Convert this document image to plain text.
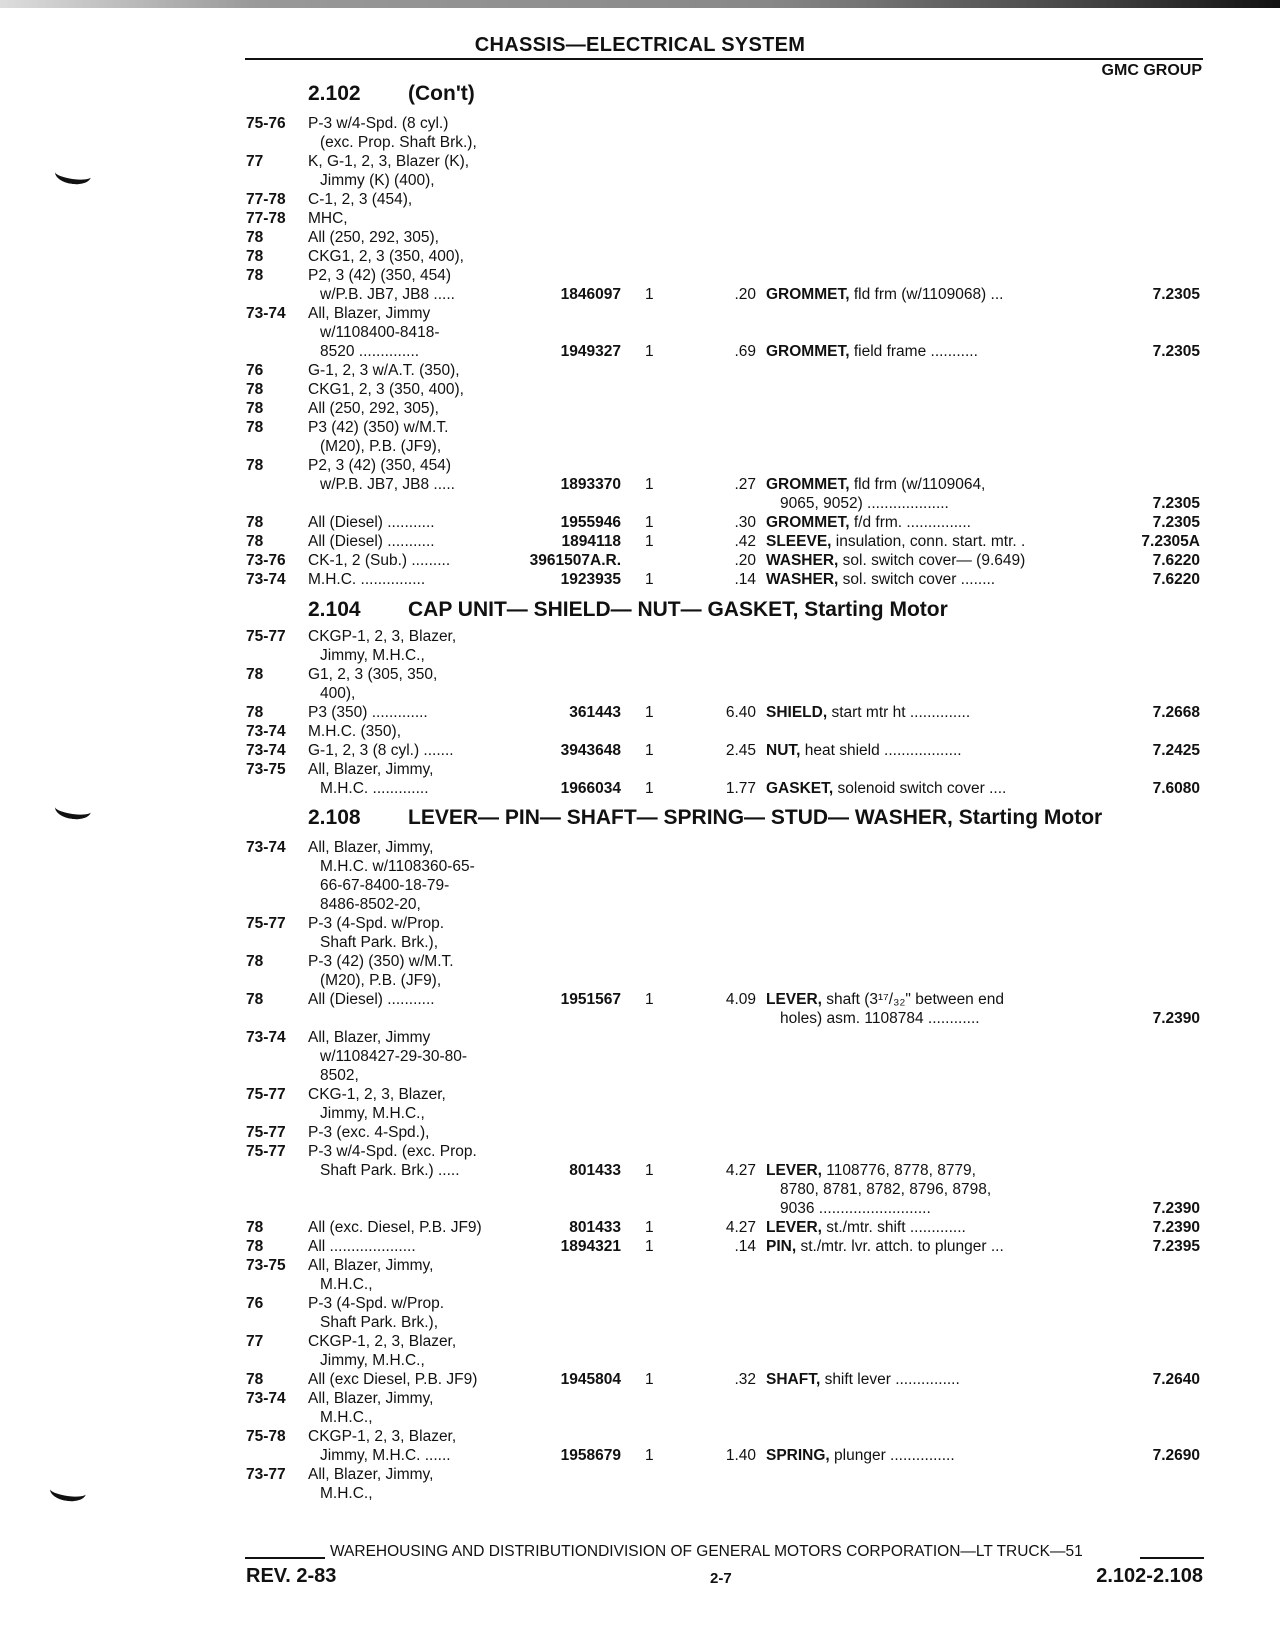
CHASSIS—ELECTRICAL SYSTEM
GMC GROUP
2.102 (Con't)
2.104 CAP UNIT— SHIELD— NUT— GASKET, Starting Motor
2.108 LEVER— PIN— SHAFT— SPRING— STUD— WASHER, Starting Motor
75-76 P-3 w/4-Spd. (8 cyl.)
(exc. Prop. Shaft Brk.),
77	K, G-1, 2, 3, Blazer (K),
Jimmy (K) (400),
77-78 C-1, 2, 3 (454),
77-78 MHC,
78	All (250, 292, 305),
78	CKG1, 2, 3 (350, 400),
78	P2, 3 (42) (350, 454)
w/P.B. JB7, JB8 .....	1846097 1	.20 GROMMET, fld frm (w/1109068) ...	7.2305
73-74 All, Blazer, Jimmy
w/1108400-8418-
8520 ..............	1949327 1	.69 GROMMET, field frame ...........	7.2305
76	G-1, 2, 3 w/A.T. (350),
78	CKG1, 2, 3 (350, 400),
78	All (250, 292, 305),
78	P3 (42) (350) w/M.T.
(M20), P.B. (JF9),
78	P2, 3 (42) (350, 454)
w/P.B. JB7, JB8 .....	1893370 1	.27 GROMMET, fld frm (w/1109064,
9065, 9052) ...................	7.2305
78	All (Diesel) ...........	1955946 1	.30 GROMMET, f/d frm. ...............	7.2305
78	All (Diesel) ...........	1894118 1	.42 SLEEVE, insulation, conn. start. mtr. .	7.2305A
73-76 CK-1, 2 (Sub.) .........	3961507A.R.	.20 WASHER, sol. switch cover— (9.649)	7.6220
73-74 M.H.C. ...............	1923935 1	.14 WASHER, sol. switch cover ........	7.6220
75-77 CKGP-1, 2, 3, Blazer,
Jimmy, M.H.C.,
78	G1, 2, 3 (305, 350,
400),
78	P3 (350) .............	361443 1	6.40 SHIELD, start mtr ht ..............	7.2668
73-74 M.H.C. (350),
73-74 G-1, 2, 3 (8 cyl.) .......	3943648 1	2.45 NUT, heat shield ..................	7.2425
73-75 All, Blazer, Jimmy,
M.H.C. .............	1966034 1	1.77 GASKET, solenoid switch cover ....	7.6080
73-74 All, Blazer, Jimmy,
M.H.C. w/1108360-65-
66-67-8400-18-79-
8486-8502-20,
75-77 P-3 (4-Spd. w/Prop.
Shaft Park. Brk.),
78	P-3 (42) (350) w/M.T.
(M20), P.B. (JF9),
78	All (Diesel) ...........	1951567 1	4.09 LEVER, shaft (3¹⁷/₃₂" between end
holes) asm. 1108784 ............	7.2390
73-74 All, Blazer, Jimmy
w/1108427-29-30-80-
8502,
75-77 CKG-1, 2, 3, Blazer,
Jimmy, M.H.C.,
75-77 P-3 (exc. 4-Spd.),
75-77 P-3 w/4-Spd. (exc. Prop.
Shaft Park. Brk.) .....	801433 1	4.27 LEVER, 1108776, 8778, 8779,
8780, 8781, 8782, 8796, 8798,
9036 ..........................	7.2390
78	All (exc. Diesel, P.B. JF9)	801433 1	4.27 LEVER, st./mtr. shift .............	7.2390
78	All ....................	1894321 1	.14 PIN, st./mtr. lvr. attch. to plunger ...	7.2395
73-75 All, Blazer, Jimmy,
M.H.C.,
76	P-3 (4-Spd. w/Prop.
Shaft Park. Brk.),
77	CKGP-1, 2, 3, Blazer,
Jimmy, M.H.C.,
78	All (exc Diesel, P.B. JF9)	1945804 1	.32 SHAFT, shift lever ...............	7.2640
73-74 All, Blazer, Jimmy,
M.H.C.,
75-78 CKGP-1, 2, 3, Blazer,
Jimmy, M.H.C. ......	1958679 1	1.40 SPRING, plunger ...............	7.2690
73-77 All, Blazer, Jimmy,
M.H.C.,
WAREHOUSING AND DISTRIBUTIONDIVISION OF GENERAL MOTORS CORPORATION—LT TRUCK—51
REV. 2-83	2-7	2.102-2.108
